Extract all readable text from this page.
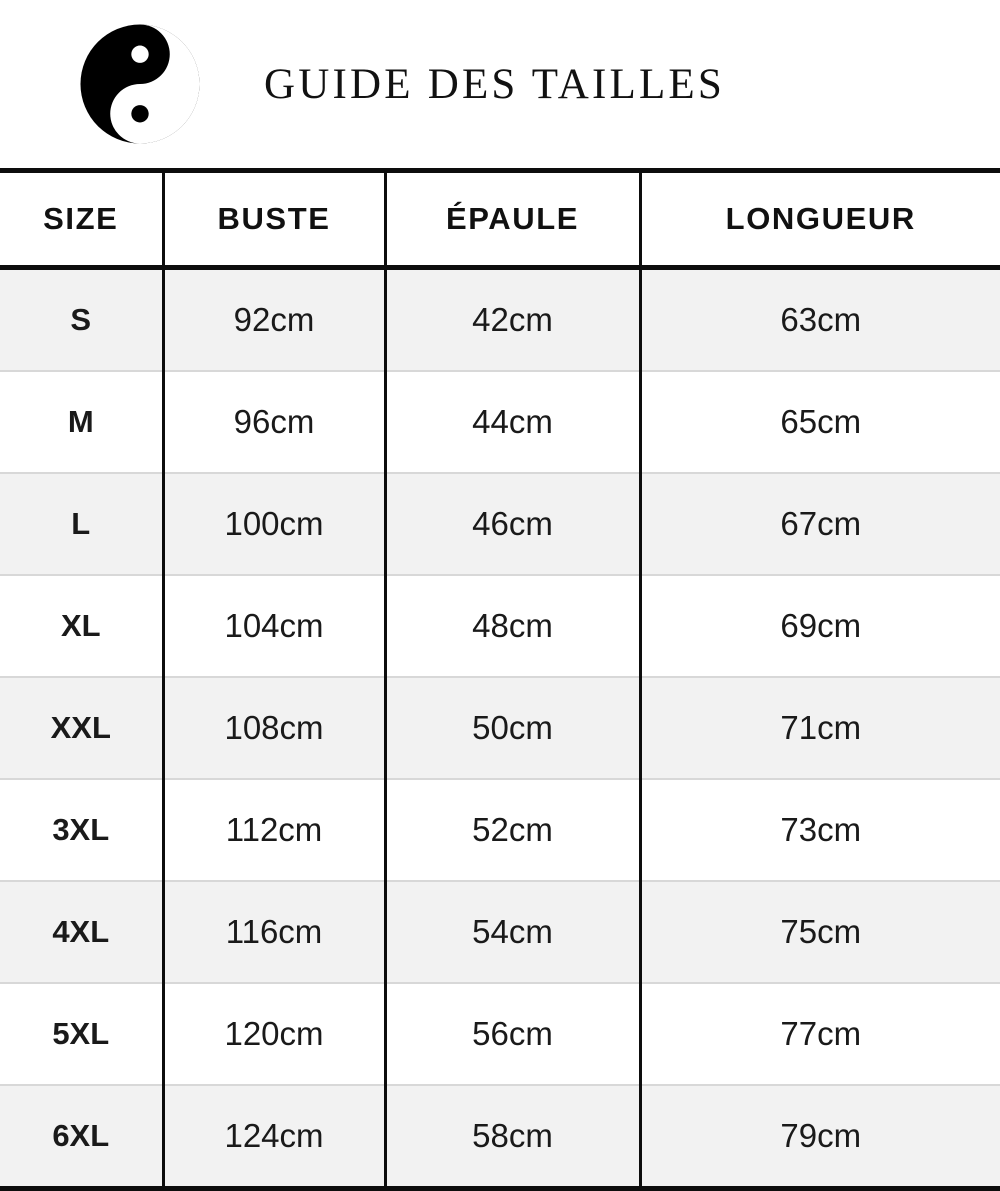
GUIDE DES TAILLES
SIZE	BUSTE	ÉPAULE	LONGUEUR
S	92cm	42cm	63cm
M	96cm	44cm	65cm
L	100cm	46cm	67cm
XL	104cm	48cm	69cm
XXL	108cm	50cm	71cm
3XL	112cm	52cm	73cm
4XL	116cm	54cm	75cm
5XL	120cm	56cm	77cm
6XL	124cm	58cm	79cm
